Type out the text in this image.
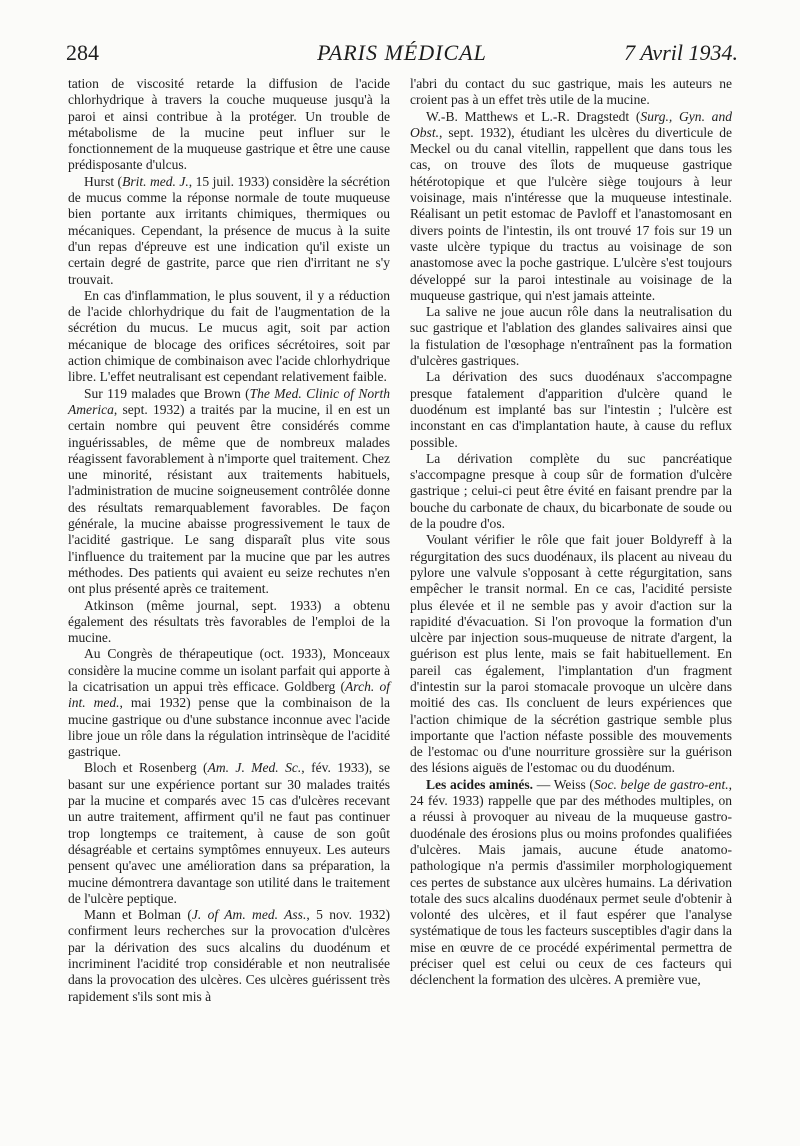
284	PARIS MÉDICAL	7 Avril 1934.

tation de viscosité retarde la diffusion de l'acide chlorhydrique à travers la couche muqueuse jusqu'à la paroi et ainsi contribue à la protéger. Un trouble de métabolisme de la mucine peut influer sur le fonctionnement de la muqueuse gastrique et être une cause prédisposante d'ulcus.

Hurst (Brit. med. J., 15 juil. 1933) considère la sécrétion de mucus comme la réponse normale de toute muqueuse bien portante aux irritants chimiques, thermiques ou mécaniques. Cependant, la présence de mucus à la suite d'un repas d'épreuve est une indication qu'il existe un certain degré de gastrite, parce que rien d'irritant ne s'y trouvait.

En cas d'inflammation, le plus souvent, il y a réduction de l'acide chlorhydrique du fait de l'augmentation de la sécrétion du mucus. Le mucus agit, soit par action mécanique de blocage des orifices sécrétoires, soit par action chimique de combinaison avec l'acide chlorhydrique libre. L'effet neutralisant est cependant relativement faible.

Sur 119 malades que Brown (The Med. Clinic of North America, sept. 1932) a traités par la mucine, il en est un certain nombre qui peuvent être considérés comme inguérissables, de même que de nombreux malades réagissent favorablement à n'importe quel traitement. Chez une minorité, résistant aux traitements habituels, l'administration de mucine soigneusement contrôlée donne des résultats remarquablement favorables. De façon générale, la mucine abaisse progressivement le taux de l'acidité gastrique. Le sang disparaît plus vite sous l'influence du traitement par la mucine que par les autres méthodes. Des patients qui avaient eu seize rechutes n'en ont plus présenté après ce traitement.

Atkinson (même journal, sept. 1933) a obtenu également des résultats très favorables de l'emploi de la mucine.

Au Congrès de thérapeutique (oct. 1933), Monceaux considère la mucine comme un isolant parfait qui apporte à la cicatrisation un appui très efficace. Goldberg (Arch. of int. med., mai 1932) pense que la combinaison de la mucine gastrique ou d'une substance inconnue avec l'acide libre joue un rôle dans la régulation intrinsèque de l'acidité gastrique.

Bloch et Rosenberg (Am. J. Med. Sc., fév. 1933), se basant sur une expérience portant sur 30 malades traités par la mucine et comparés avec 15 cas d'ulcères recevant un autre traitement, affirment qu'il ne faut pas continuer trop longtemps ce traitement, à cause de son goût désagréable et certains symptômes ennuyeux. Les auteurs pensent qu'avec une amélioration dans sa préparation, la mucine démontrera davantage son utilité dans le traitement de l'ulcère peptique.

Mann et Bolman (J. of Am. med. Ass., 5 nov. 1932) confirment leurs recherches sur la provocation d'ulcères par la dérivation des sucs alcalins du duodénum et incriminent l'acidité trop considérable et non neutralisée dans la provocation des ulcères. Ces ulcères guérissent très rapidement s'ils sont mis à

l'abri du contact du suc gastrique, mais les auteurs ne croient pas à un effet très utile de la mucine.

W.-B. Matthews et L.-R. Dragstedt (Surg., Gyn. and Obst., sept. 1932), étudiant les ulcères du diverticule de Meckel ou du canal vitellin, rappellent que dans tous les cas, on trouve des îlots de muqueuse gastrique hétérotopique et que l'ulcère siège toujours à leur voisinage, mais n'intéresse que la muqueuse intestinale. Réalisant un petit estomac de Pavloff et l'anastomosant en divers points de l'intestin, ils ont trouvé 17 fois sur 19 un vaste ulcère typique du tractus au voisinage de son anastomose avec la poche gastrique. L'ulcère s'est toujours développé sur la paroi intestinale au voisinage de la muqueuse gastrique, qui n'est jamais atteinte.

La salive ne joue aucun rôle dans la neutralisation du suc gastrique et l'ablation des glandes salivaires ainsi que la fistulation de l'œsophage n'entraînent pas la formation d'ulcères gastriques.

La dérivation des sucs duodénaux s'accompagne presque fatalement d'apparition d'ulcère quand le duodénum est implanté bas sur l'intestin ; l'ulcère est inconstant en cas d'implantation haute, à cause du reflux possible.

La dérivation complète du suc pancréatique s'accompagne presque à coup sûr de formation d'ulcère gastrique ; celui-ci peut être évité en faisant prendre par la bouche du carbonate de chaux, du bicarbonate de soude ou de la poudre d'os.

Voulant vérifier le rôle que fait jouer Boldyreff à la régurgitation des sucs duodénaux, ils placent au niveau du pylore une valvule s'opposant à cette régurgitation, sans empêcher le transit normal. En ce cas, l'acidité persiste plus élevée et il ne semble pas y avoir d'action sur la rapidité d'évacuation. Si l'on provoque la formation d'un ulcère par injection sous-muqueuse de nitrate d'argent, la guérison est plus lente, mais se fait habituellement. En pareil cas également, l'implantation d'un fragment d'intestin sur la paroi stomacale provoque un ulcère dans moitié des cas. Ils concluent de leurs expériences que l'action chimique de la sécrétion gastrique semble plus importante que l'action néfaste possible des mouvements de l'estomac ou d'une nourriture grossière sur la guérison des lésions aiguës de l'estomac ou du duodénum.

Les acides aminés. — Weiss (Soc. belge de gastro-ent., 24 fév. 1933) rappelle que par des méthodes multiples, on a réussi à provoquer au niveau de la muqueuse gastro-duodénale des érosions plus ou moins profondes qualifiées d'ulcères. Mais jamais, aucune étude anatomo-pathologique n'a permis d'assimiler morphologiquement ces pertes de substance aux ulcères humains. La dérivation totale des sucs alcalins duodénaux permet seule d'obtenir à volonté des ulcères, et il faut espérer que l'analyse systématique de tous les facteurs susceptibles d'agir dans la mise en œuvre de ce procédé expérimental permettra de préciser quel est celui ou ceux de ces facteurs qui déclenchent la formation des ulcères. A première vue,
